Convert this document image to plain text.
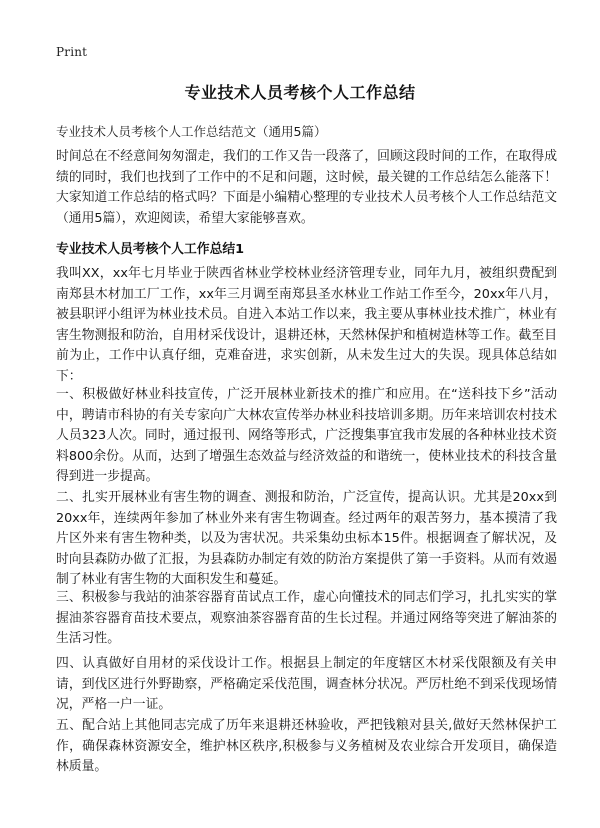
Print
专业技术人员考核个人工作总结
专业技术人员考核个人工作总结范文（通用5篇）

时间总在不经意间匆匆溜走，我们的工作又告一段落了，回顾这段时间的工作，在取得成绩的同时，我们也找到了工作中的不足和问题，这时候，最关键的工作总结怎么能落下！大家知道工作总结的格式吗？下面是小编精心整理的专业技术人员考核个人工作总结范文（通用5篇），欢迎阅读，希望大家能够喜欢。

专业技术人员考核个人工作总结1

我叫XX，xx年七月毕业于陕西省林业学校林业经济管理专业，同年九月，被组织费配到南郑县木材加工厂工作，xx年三月调至南郑县圣水林业工作站工作至今，20xx年八月，被县职评小组评为林业技术员。自进入本站工作以来，我主要从事林业技术推广，林业有害生物测报和防治，自用材采伐设计，退耕还林，天然林保护和植树造林等工作。截至目前为止，工作中认真仔细，克难奋进，求实创新，从未发生过大的失误。现具体总结如下：

一、积极做好林业科技宣传，广泛开展林业新技术的推广和应用。在“送科技下乡”活动中，聘请市科协的有关专家向广大林农宣传举办林业科技培训多期。历年来培训农村技术人员323人次。同时，通过报刊、网络等形式，广泛搜集事宜我市发展的各种林业技术资料800余份。从而，达到了增强生态效益与经济效益的和谐统一，使林业技术的科技含量得到进一步提高。

二、扎实开展林业有害生物的调查、测报和防治，广泛宣传，提高认识。尤其是20xx到20xx年，连续两年参加了林业外来有害生物调查。经过两年的艰苦努力，基本摸清了我片区外来有害生物种类，以及为害状况。共采集幼虫标本15件。根据调查了解状况，及时向县森防办做了汇报，为县森防办制定有效的防治方案提供了第一手资料。从而有效遏制了林业有害生物的大面积发生和蔓延。

三、积极参与我站的油茶容器育苗试点工作，虚心向懂技术的同志们学习，扎扎实实的掌握油茶容器育苗技术要点，观察油茶容器育苗的生长过程。并通过网络等突进了解油茶的生活习性。

四、认真做好自用材的采伐设计工作。根据县上制定的年度辖区木材采伐限额及有关申请，到伐区进行外野勘察，严格确定采伐范围，调查林分状况。严厉杜绝不到采伐现场情况，严格一户一证。

五、配合站上其他同志完成了历年来退耕还林验收，严把钱粮对县关,做好天然林保护工作，确保森林资源安全，维护林区秩序,积极参与义务植树及农业综合开发项目，确保造林质量。
